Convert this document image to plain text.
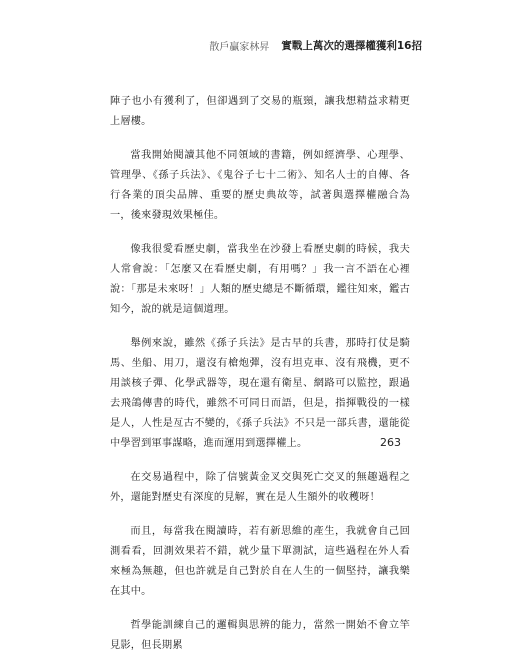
散戶贏家林昇 實戰上萬次的選擇權獲利16招

陣子也小有獲利了，但卻遇到了交易的瓶頸，讓我想精益求精更上層樓。

當我開始閱讀其他不同領域的書籍，例如經濟學、心理學、管理學、《孫子兵法》、《鬼谷子七十二術》、知名人士的自傳、各行各業的頂尖品牌、重要的歷史典故等，試著與選擇權融合為一，後來發現效果極佳。

像我很愛看歷史劇，當我坐在沙發上看歷史劇的時候，我夫人常會說：「怎麼又在看歷史劇，有用嗎？」我一言不語在心裡說：「那是未來呀！」人類的歷史總是不斷循環，鑑往知來，鑑古知今，說的就是這個道理。

舉例來說，雖然《孫子兵法》是古早的兵書，那時打仗是騎馬、坐船、用刀，還沒有槍炮彈，沒有坦克車、沒有飛機，更不用談核子彈、化學武器等，現在還有衛星、網路可以監控，跟過去飛鴿傳書的時代，雖然不可同日而語，但是，指揮戰役的一樣是人，人性是亙古不變的，《孫子兵法》不只是一部兵書，還能從中學習到軍事謀略，進而運用到選擇權上。

在交易過程中，除了信號黃金叉交與死亡交叉的無趣過程之外，還能對歷史有深度的見解，實在是人生額外的收穫呀！

而且，每當我在閱讀時，若有新思維的產生，我就會自己回測看看，回測效果若不錯，就少量下單測試，這些過程在外人看來極為無趣，但也許就是自己對於自在人生的一個堅持，讓我樂在其中。

哲學能訓練自己的邏輯與思辨的能力，當然一開始不會立竿見影，但長期累

263
